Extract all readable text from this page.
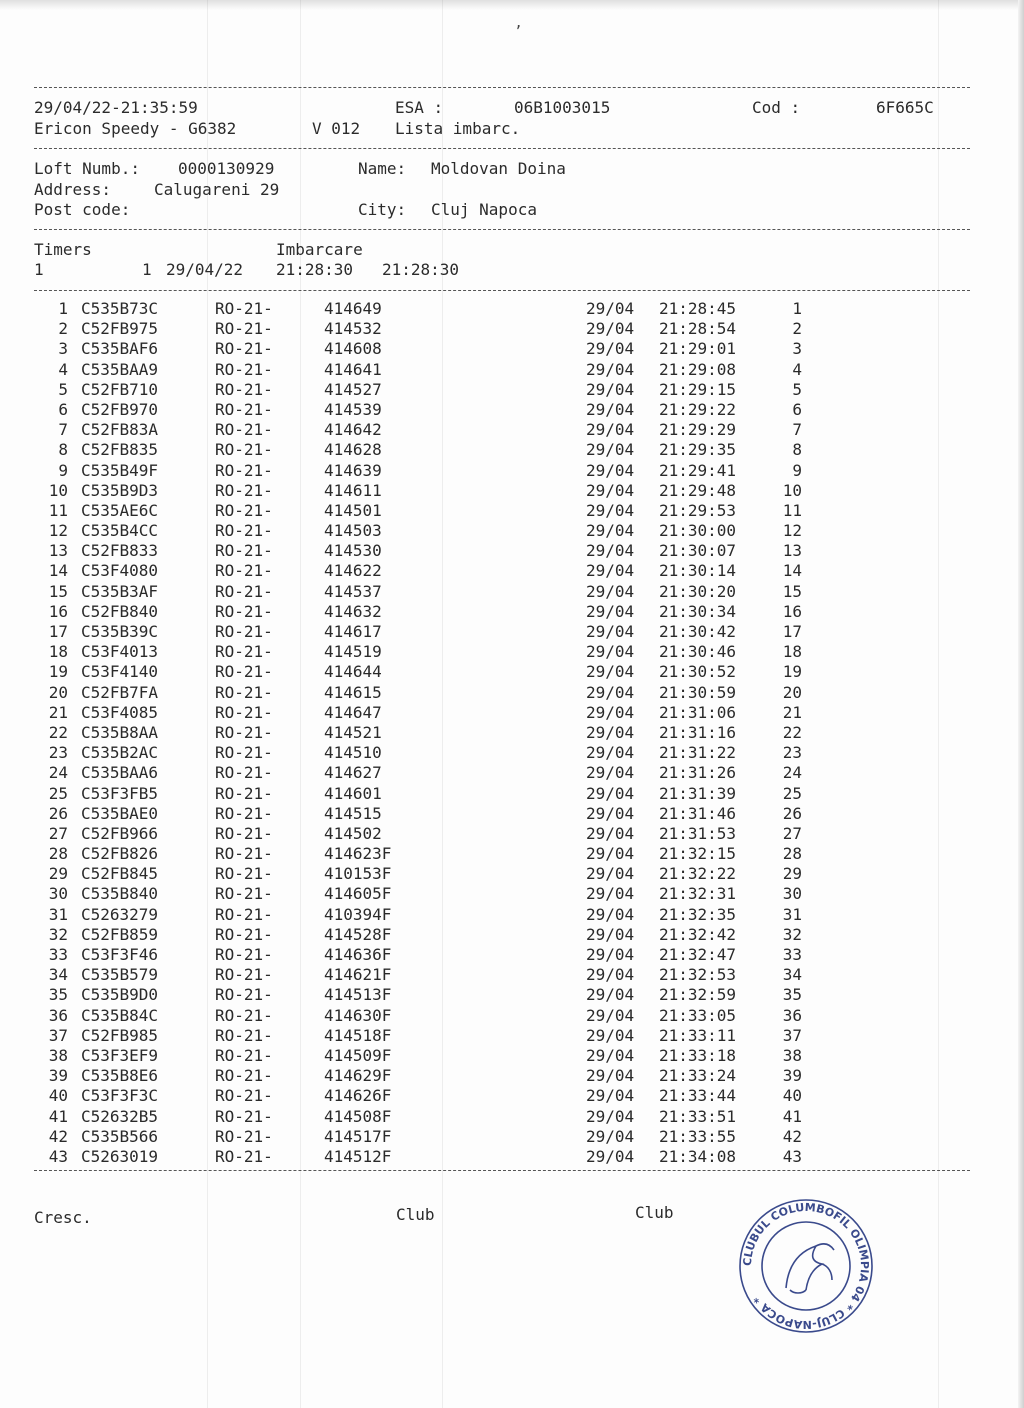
’
29/04/22-21:35:59	ESA :	06B1003015	Cod :	6F665C
Ericon Speedy - G6382	V 012 Lista imbarc.
Loft Numb.: 0000130929	Name: Moldovan Doina
Address:	Calugareni 29
Post code:	City: Cluj Napoca
Timers	Imbarcare
1	1 29/04/22 21:28:30 21:28:30
1 C535B73C	RO-21-	414649	29/04 21:28:45	1
2 C52FB975	RO-21-	414532	29/04 21:28:54	2
3 C535BAF6	RO-21-	414608	29/04 21:29:01	3
4 C535BAA9	RO-21-	414641	29/04 21:29:08	4
5 C52FB710	RO-21-	414527	29/04 21:29:15	5
6 C52FB970	RO-21-	414539	29/04 21:29:22	6
7 C52FB83A	RO-21-	414642	29/04 21:29:29	7
8 C52FB835	RO-21-	414628	29/04 21:29:35	8
9 C535B49F	RO-21-	414639	29/04 21:29:41	9
10 C535B9D3	RO-21-	414611	29/04 21:29:48	10
11 C535AE6C	RO-21-	414501	29/04 21:29:53	11
12 C535B4CC	RO-21-	414503	29/04 21:30:00	12
13 C52FB833	RO-21-	414530	29/04 21:30:07	13
14 C53F4080	RO-21-	414622	29/04 21:30:14	14
15 C535B3AF	RO-21-	414537	29/04 21:30:20	15
16 C52FB840	RO-21-	414632	29/04 21:30:34	16
17 C535B39C	RO-21-	414617	29/04 21:30:42	17
18 C53F4013	RO-21-	414519	29/04 21:30:46	18
19 C53F4140	RO-21-	414644	29/04 21:30:52	19
20 C52FB7FA	RO-21-	414615	29/04 21:30:59	20
21 C53F4085	RO-21-	414647	29/04 21:31:06	21
22 C535B8AA	RO-21-	414521	29/04 21:31:16	22
23 C535B2AC	RO-21-	414510	29/04 21:31:22	23
24 C535BAA6	RO-21-	414627	29/04 21:31:26	24
25 C53F3FB5	RO-21-	414601	29/04 21:31:39	25
26 C535BAE0	RO-21-	414515	29/04 21:31:46	26
27 C52FB966	RO-21-	414502	29/04 21:31:53	27
28 C52FB826	RO-21-	414623F	29/04 21:32:15	28
29 C52FB845	RO-21-	410153F	29/04 21:32:22	29
30 C535B840	RO-21-	414605F	29/04 21:32:31	30
31 C5263279	RO-21-	410394F	29/04 21:32:35	31
32 C52FB859	RO-21-	414528F	29/04 21:32:42	32
33 C53F3F46	RO-21-	414636F	29/04 21:32:47	33
34 C535B579	RO-21-	414621F	29/04 21:32:53	34
35 C535B9D0	RO-21-	414513F	29/04 21:32:59	35
36 C535B84C	RO-21-	414630F	29/04 21:33:05	36
37 C52FB985	RO-21-	414518F	29/04 21:33:11	37
38 C53F3EF9	RO-21-	414509F	29/04 21:33:18	38
39 C535B8E6	RO-21-	414629F	29/04 21:33:24	39
40 C53F3F3C	RO-21-	414626F	29/04 21:33:44	40
41 C52632B5	RO-21-	414508F	29/04 21:33:51	41
42 C535B566	RO-21-	414517F	29/04 21:33:55	42
43 C5263019	RO-21-	414512F	29/04 21:34:08	43
Cresc.	Club	Club
CLUBUL COLUMBOFIL OLIMPIA 04 * CLUJ-NAPOCA *
